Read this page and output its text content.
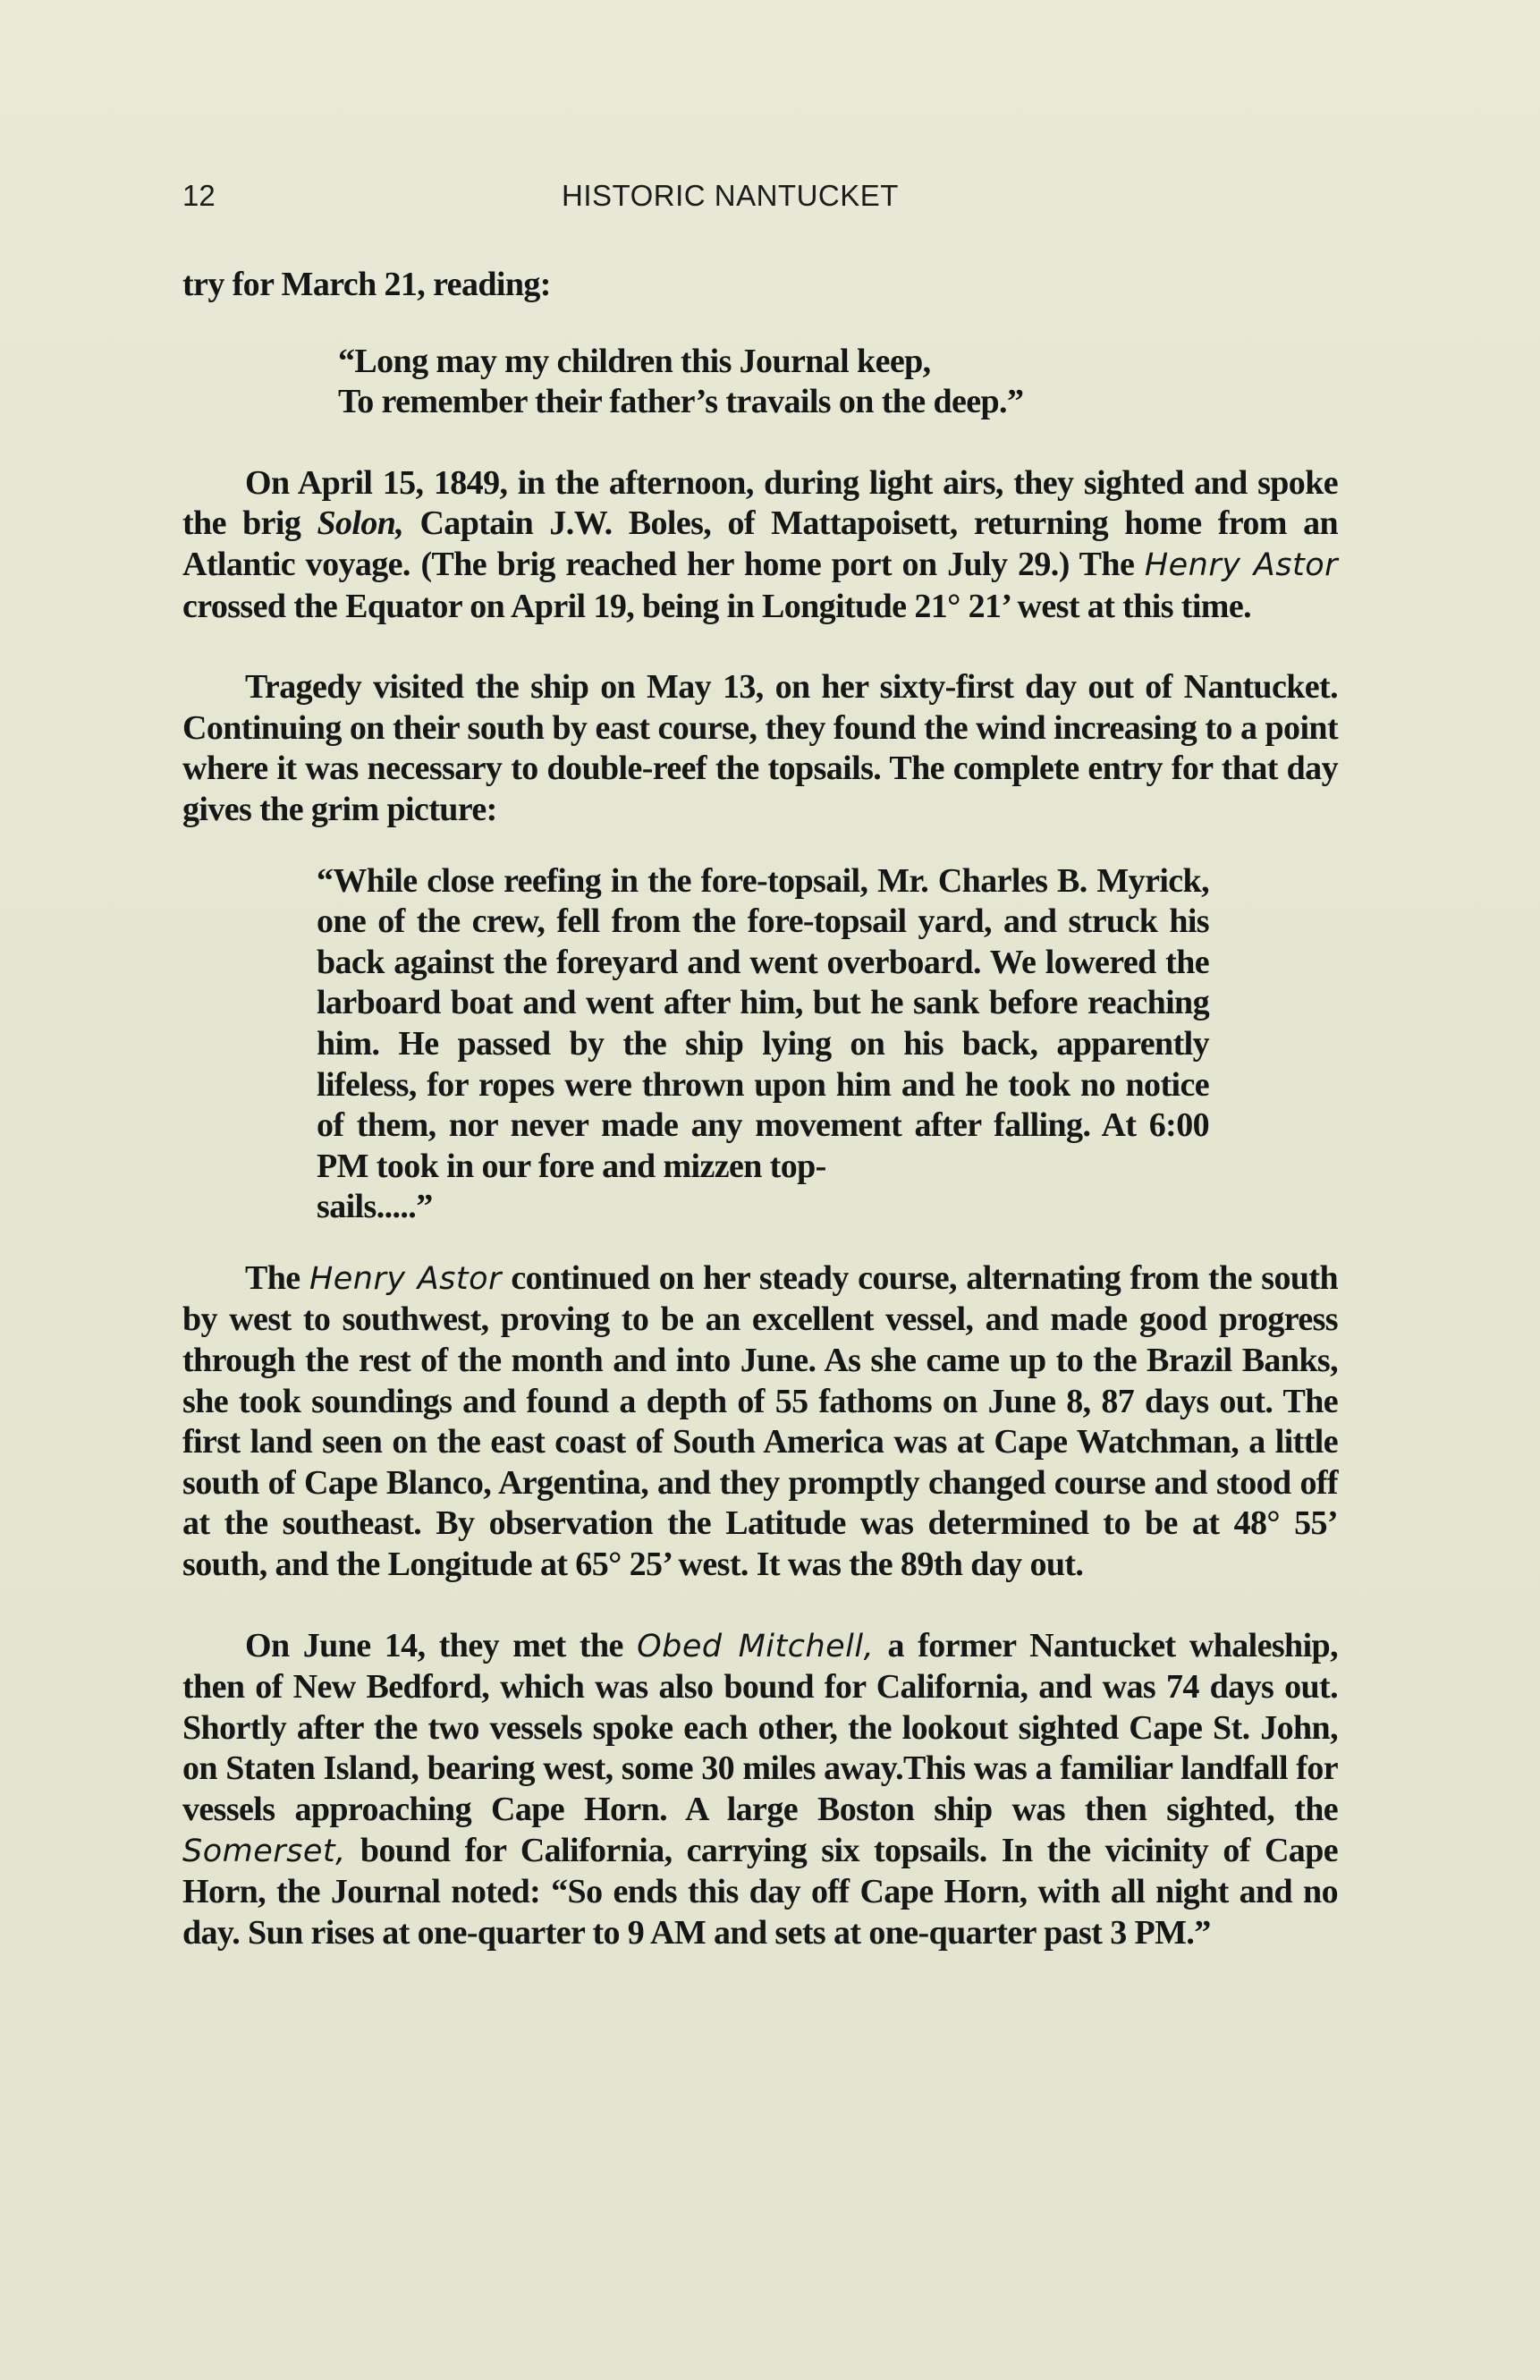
12	HISTORIC NANTUCKET

try for March 21, reading:

“Long may my children this Journal keep,
To remember their father’s travails on the deep.”

On April 15, 1849, in the afternoon, during light airs, they sighted and spoke the brig Solon, Captain J.W. Boles, of Mattapoisett, returning home from an Atlantic voyage. (The brig reached her home port on July 29.) The Henry Astor crossed the Equator on April 19, being in Longitude 21° 21’ west at this time.

Tragedy visited the ship on May 13, on her sixty-first day out of Nantucket. Continuing on their south by east course, they found the wind increasing to a point where it was necessary to double-reef the topsails. The complete entry for that day gives the grim picture:

“While close reefing in the fore-topsail, Mr. Charles B. Myrick, one of the crew, fell from the fore-topsail yard, and struck his back against the foreyard and went overboard. We lowered the larboard boat and went after him, but he sank before reaching him. He passed by the ship lying on his back, apparently lifeless, for ropes were thrown upon him and he took no notice of them, nor never made any movement after falling. At 6:00 PM took in our fore and mizzen top-

sails.....”

The Henry Astor continued on her steady course, alternating from the south by west to southwest, proving to be an excellent vessel, and made good progress through the rest of the month and into June. As she came up to the Brazil Banks, she took soundings and found a depth of 55 fathoms on June 8, 87 days out. The first land seen on the east coast of South America was at Cape Watchman, a little south of Cape Blanco, Argentina, and they promptly changed course and stood off at the southeast. By observation the Latitude was determined to be at 48° 55’ south, and the Longitude at 65° 25’ west. It was the 89th day out.

On June 14, they met the Obed Mitchell, a former Nantucket whaleship, then of New Bedford, which was also bound for California, and was 74 days out. Shortly after the two vessels spoke each other, the lookout sighted Cape St. John, on Staten Island, bearing west, some 30 miles away.This was a familiar landfall for vessels approaching Cape Horn. A large Boston ship was then sighted, the Somerset, bound for California, carrying six topsails. In the vicinity of Cape Horn, the Journal noted: “So ends this day off Cape Horn, with all night and no day. Sun rises at one-quarter to 9 AM and sets at one-quarter past 3 PM.”
